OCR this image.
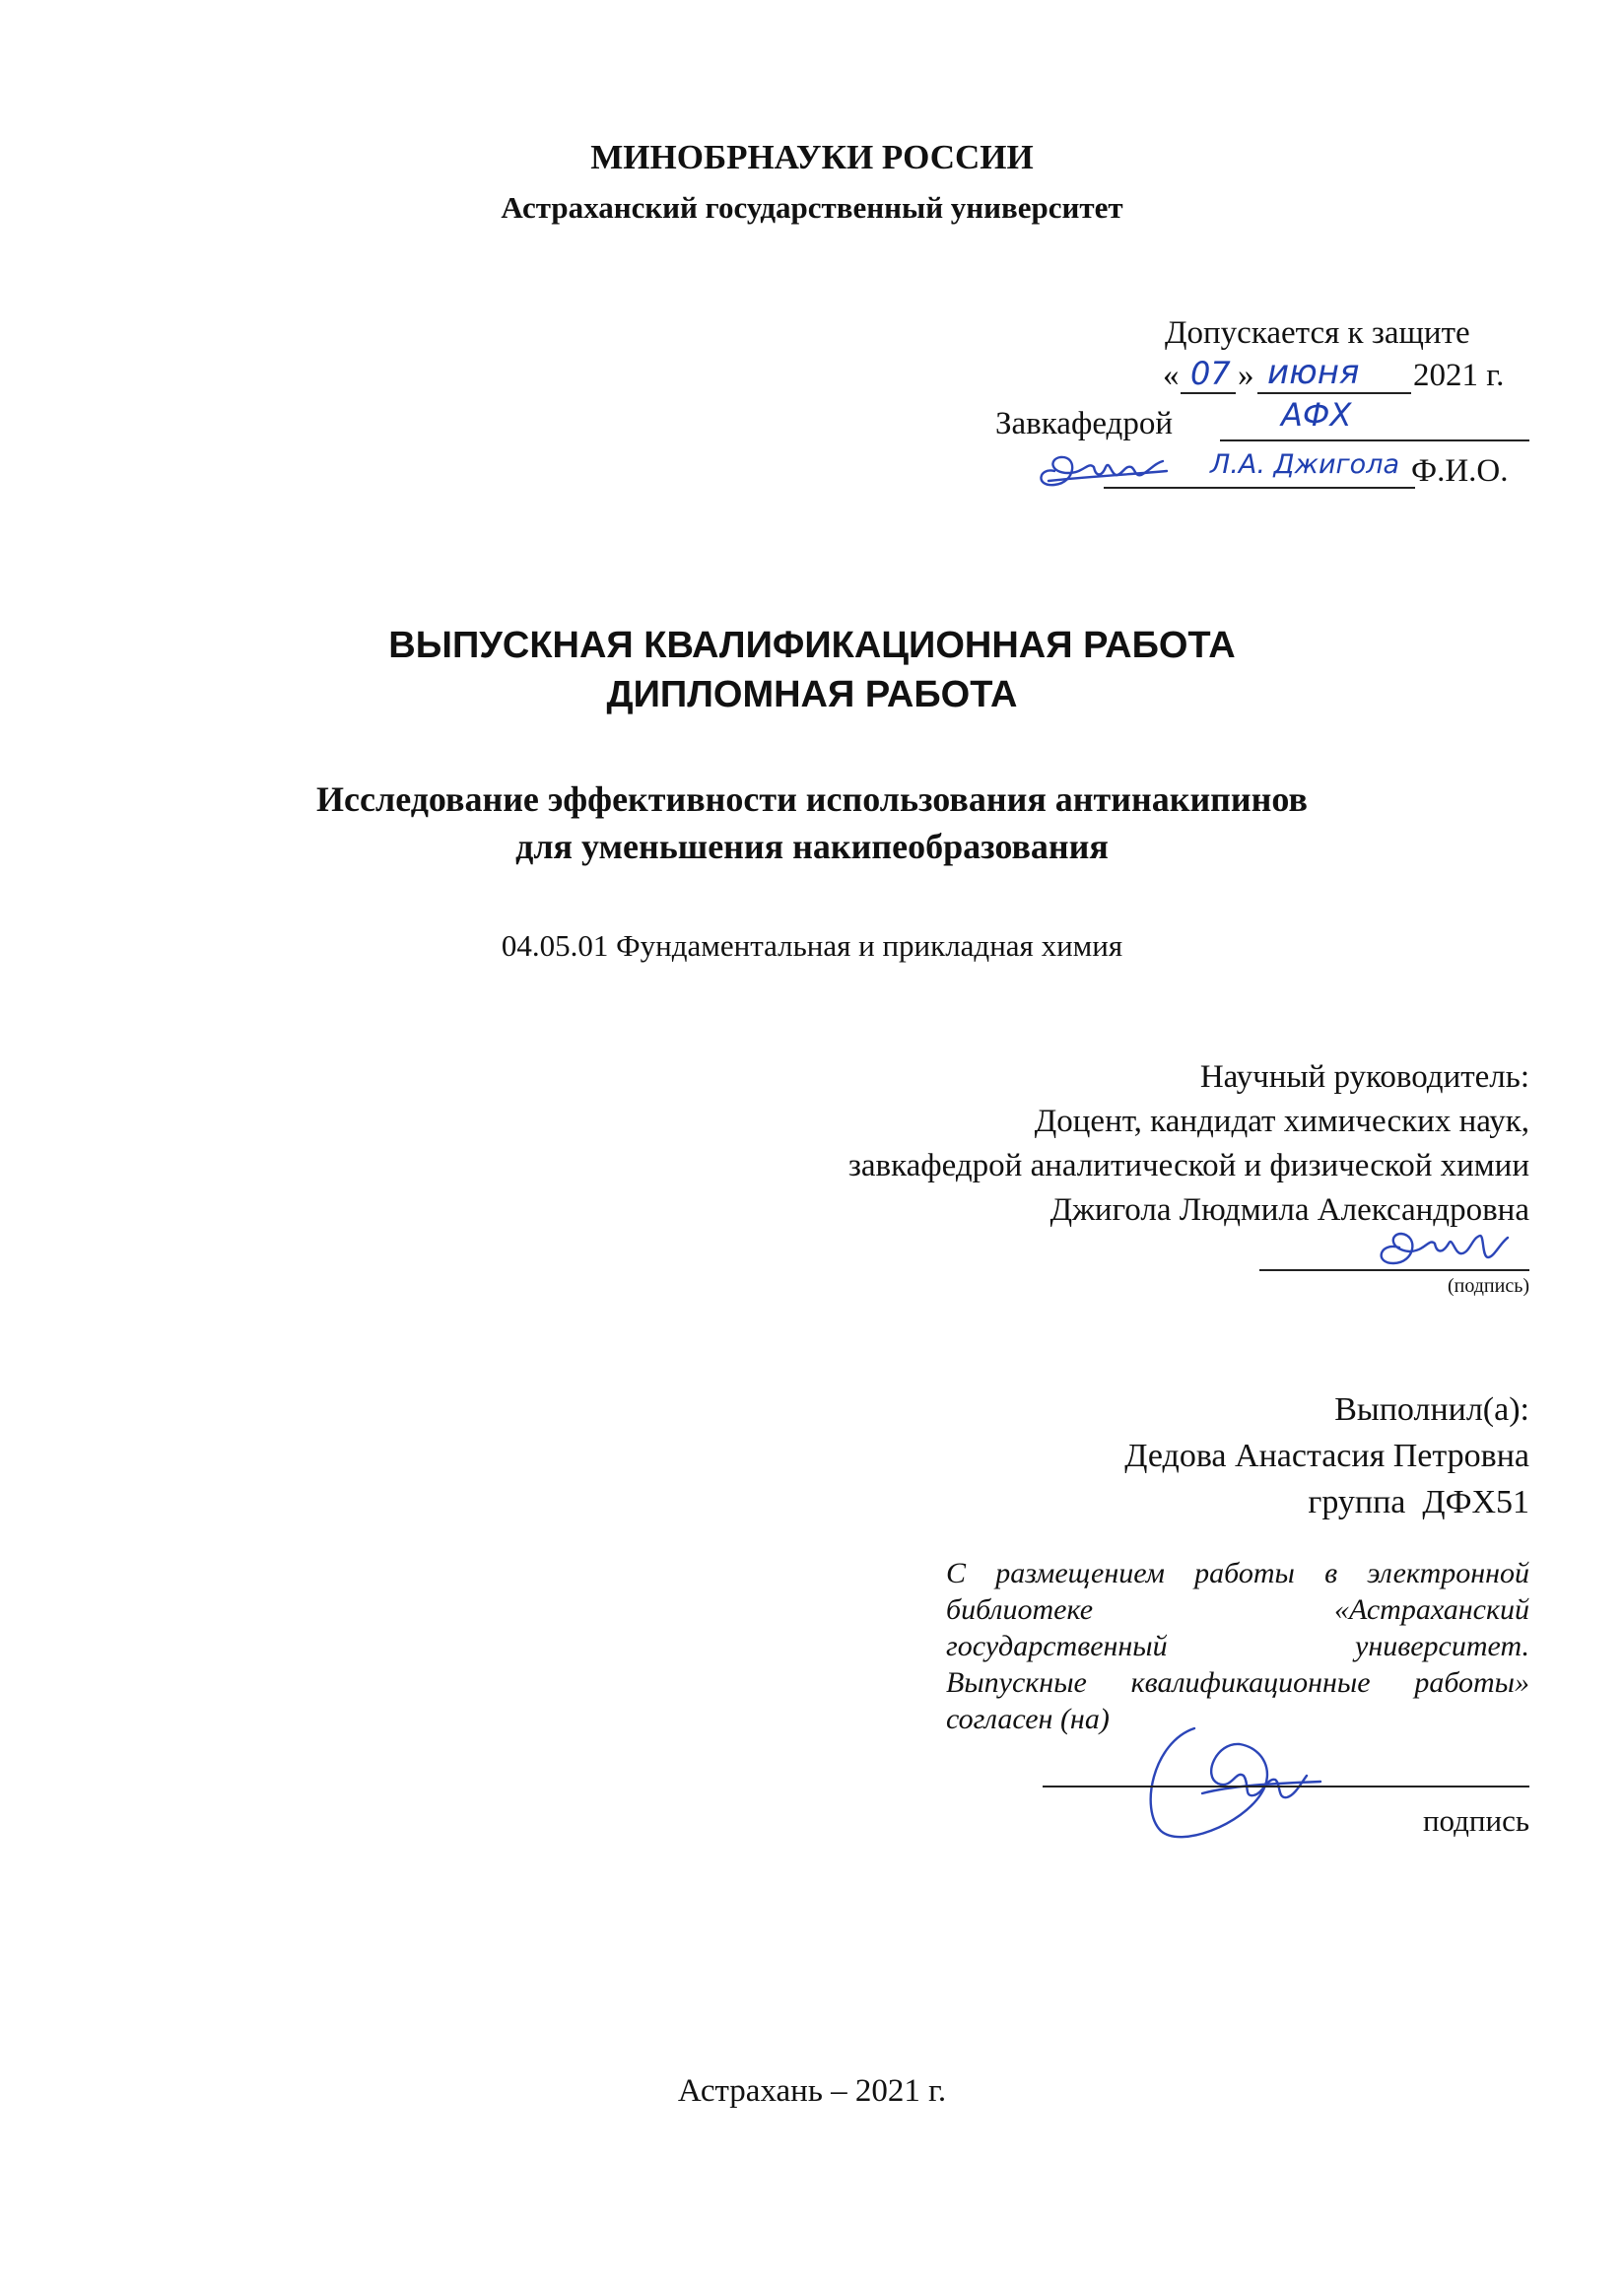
МИНОБРНАУКИ РОССИИ
Астраханский государственный университет
Допускается к защите
« 07 » июня 2021 г.
Завкафедрой	АФХ
Л.А. Джигола Ф.И.О.
ВЫПУСКНАЯ КВАЛИФИКАЦИОННАЯ РАБОТА
ДИПЛОМНАЯ РАБОТА
Исследование эффективности использования антинакипинов
для уменьшения накипеобразования
04.05.01 Фундаментальная и прикладная химия
Научный руководитель:
Доцент, кандидат химических наук,
завкафедрой аналитической и физической химии
Джигола Людмила Александровна
(подпись)
Выполнил(а):
Дедова Анастасия Петровна
группа  ДФХ51
С размещением работы в электронной
библиотеке «Астраханский
государственный университет.
Выпускные квалификационные работы»
согласен (на)
подпись
Астрахань – 2021 г.
